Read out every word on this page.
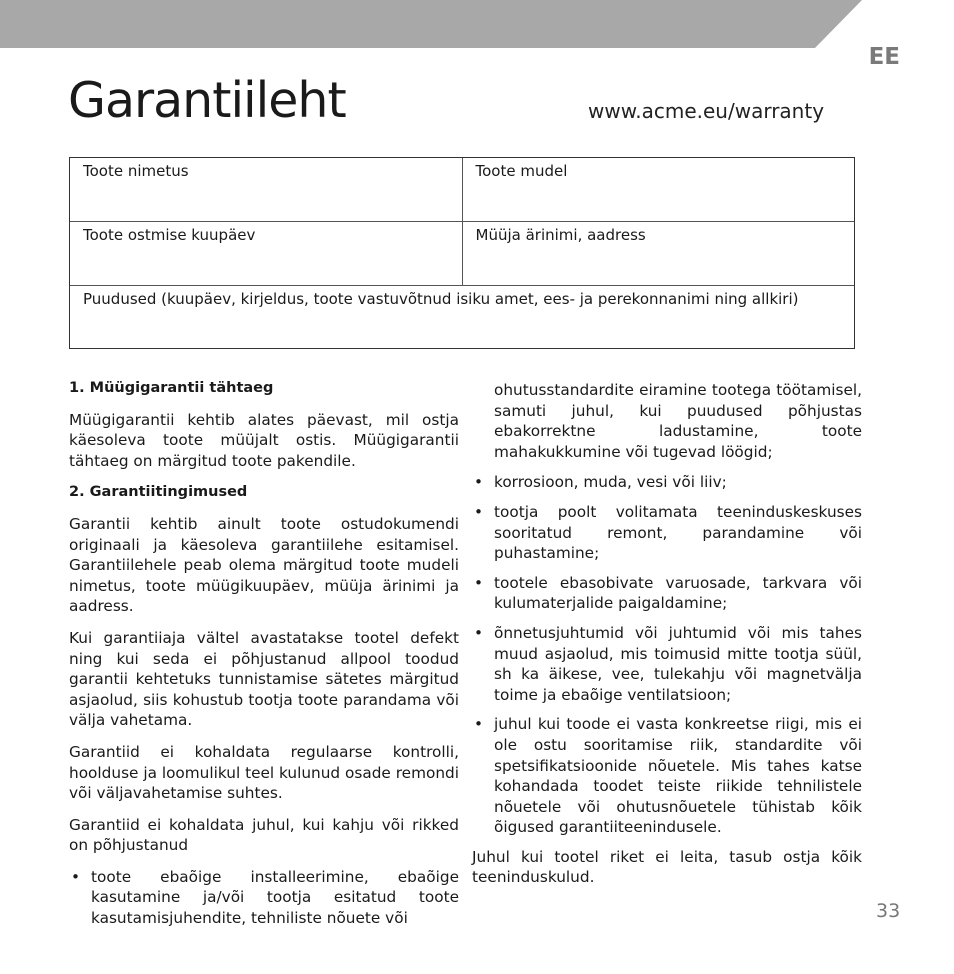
EE
Garantiileht	www.acme.eu/warranty
Toote nimetus	Toote mudel
Toote ostmise kuupäev	Müüja ärinimi, aadress
Puudused (kuupäev, kirjeldus, toote vastuvõtnud isiku amet, ees- ja perekonnanimi ning allkiri)

1. Müügigarantii tähtaeg

Müügigarantii kehtib alates päevast, mil ostja käesoleva toote müüjalt ostis. Müügigarantii tähtaeg on märgitud toote pakendile.

2. Garantiitingimused

Garantii kehtib ainult toote ostudokumendi originaali ja käesoleva garantiilehe esitamisel. Garantiilehele peab olema märgitud toote mudeli nimetus, toote müügikuupäev, müüja ärinimi ja aadress.

Kui garantiiaja vältel avastatakse tootel defekt ning kui seda ei põhjustanud allpool toodud garantii kehtetuks tunnistamise sätetes märgitud asjaolud, siis kohustub tootja toote parandama või välja vahetama.

Garantiid ei kohaldata regulaarse kontrolli, hoolduse ja loomulikul teel kulunud osade remondi või väljavahetamise suhtes.

Garantiid ei kohaldata juhul, kui kahju või rikked on põhjustanud

• toote ebaõige installeerimine, ebaõige kasutamine ja/või tootja esitatud toote kasutamisjuhendite, tehniliste nõuete või

ohutusstandardite eiramine tootega töötamisel, samuti juhul, kui puudused põhjustas ebakorrektne ladustamine, toote mahakukkumine või tugevad löögid;

• korrosioon, muda, vesi või liiv;
• tootja poolt volitamata teeninduskeskuses sooritatud remont, parandamine või puhastamine;
• tootele ebasobivate varuosade, tarkvara või kulumaterjalide paigaldamine;
• õnnetusjuhtumid või juhtumid või mis tahes muud asjaolud, mis toimusid mitte tootja süül, sh ka äikese, vee, tulekahju või magnetvälja toime ja ebaõige ventilatsioon;
• juhul kui toode ei vasta konkreetse riigi, mis ei ole ostu sooritamise riik, standardite või spetsifikatsioonide nõuetele. Mis tahes katse kohandada toodet teiste riikide tehnilistele nõuetele või ohutusnõuetele tühistab kõik õigused garantiiteenindusele.

Juhul kui tootel riket ei leita, tasub ostja kõik teeninduskulud.

33
